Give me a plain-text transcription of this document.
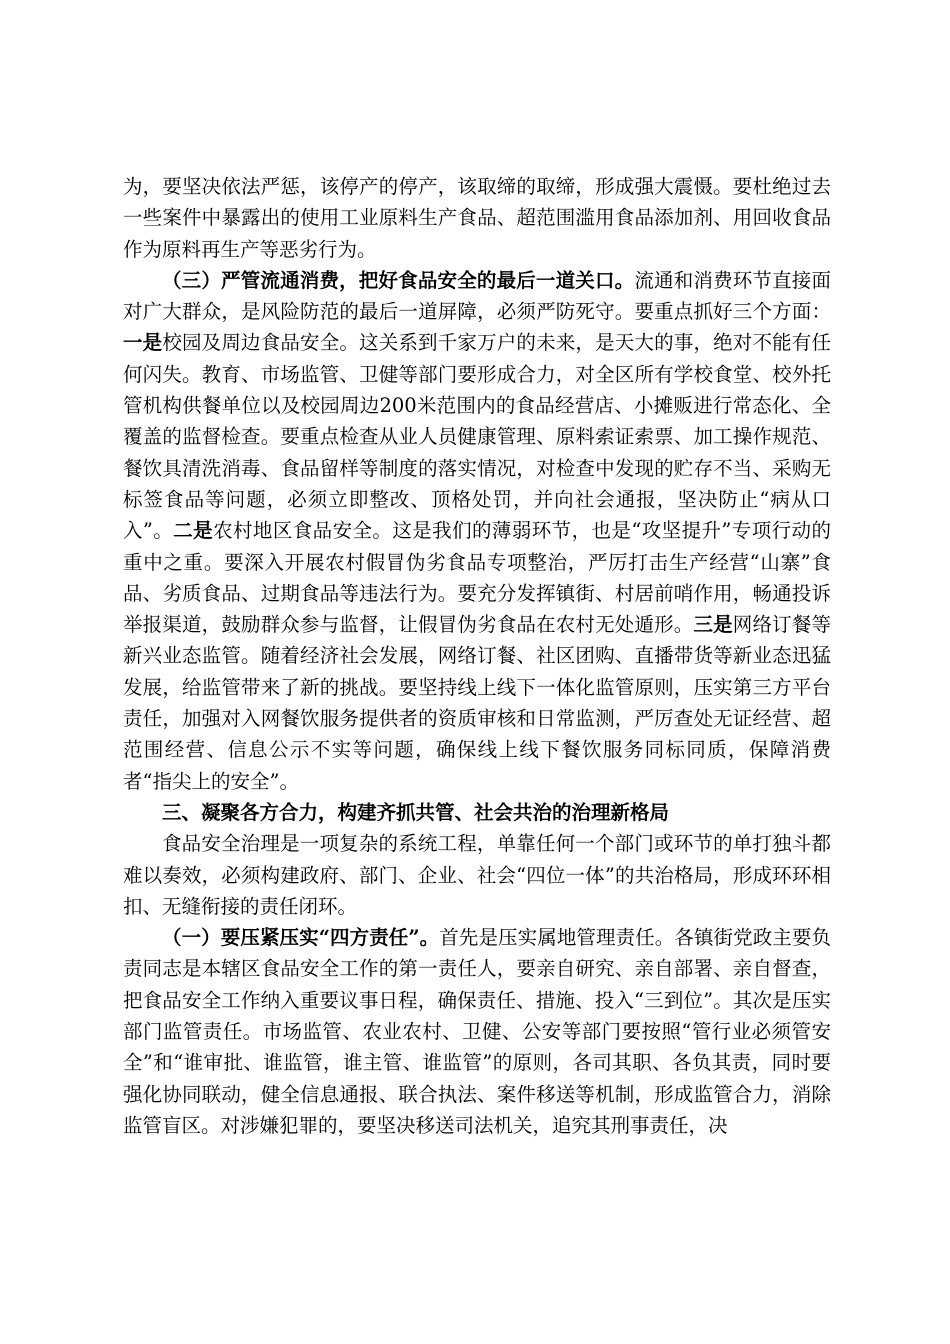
为，要坚决依法严惩，该停产的停产，该取缔的取缔，形成强大震慑。要杜绝过去一些案件中暴露出的使用工业原料生产食品、超范围滥用食品添加剂、用回收食品作为原料再生产等恶劣行为。

（三）严管流通消费，把好食品安全的最后一道关口。流通和消费环节直接面对广大群众，是风险防范的最后一道屏障，必须严防死守。要重点抓好三个方面：一是校园及周边食品安全。这关系到千家万户的未来，是天大的事，绝对不能有任何闪失。教育、市场监管、卫健等部门要形成合力，对全区所有学校食堂、校外托管机构供餐单位以及校园周边200米范围内的食品经营店、小摊贩进行常态化、全覆盖的监督检查。要重点检查从业人员健康管理、原料索证索票、加工操作规范、餐饮具清洗消毒、食品留样等制度的落实情况，对检查中发现的贮存不当、采购无标签食品等问题，必须立即整改、顶格处罚，并向社会通报，坚决防止“病从口入”。二是农村地区食品安全。这是我们的薄弱环节，也是“攻坚提升”专项行动的重中之重。要深入开展农村假冒伪劣食品专项整治，严厉打击生产经营“山寨”食品、劣质食品、过期食品等违法行为。要充分发挥镇街、村居前哨作用，畅通投诉举报渠道，鼓励群众参与监督，让假冒伪劣食品在农村无处遁形。三是网络订餐等新兴业态监管。随着经济社会发展，网络订餐、社区团购、直播带货等新业态迅猛发展，给监管带来了新的挑战。要坚持线上线下一体化监管原则，压实第三方平台责任，加强对入网餐饮服务提供者的资质审核和日常监测，严厉查处无证经营、超范围经营、信息公示不实等问题，确保线上线下餐饮服务同标同质，保障消费者“指尖上的安全”。

三、凝聚各方合力，构建齐抓共管、社会共治的治理新格局

食品安全治理是一项复杂的系统工程，单靠任何一个部门或环节的单打独斗都难以奏效，必须构建政府、部门、企业、社会“四位一体”的共治格局，形成环环相扣、无缝衔接的责任闭环。

（一）要压紧压实“四方责任”。首先是压实属地管理责任。各镇街党政主要负责同志是本辖区食品安全工作的第一责任人，要亲自研究、亲自部署、亲自督查，把食品安全工作纳入重要议事日程，确保责任、措施、投入“三到位”。其次是压实部门监管责任。市场监管、农业农村、卫健、公安等部门要按照“管行业必须管安全”和“谁审批、谁监管，谁主管、谁监管”的原则，各司其职、各负其责，同时要强化协同联动，健全信息通报、联合执法、案件移送等机制，形成监管合力，消除监管盲区。对涉嫌犯罪的，要坚决移送司法机关，追究其刑事责任，决
